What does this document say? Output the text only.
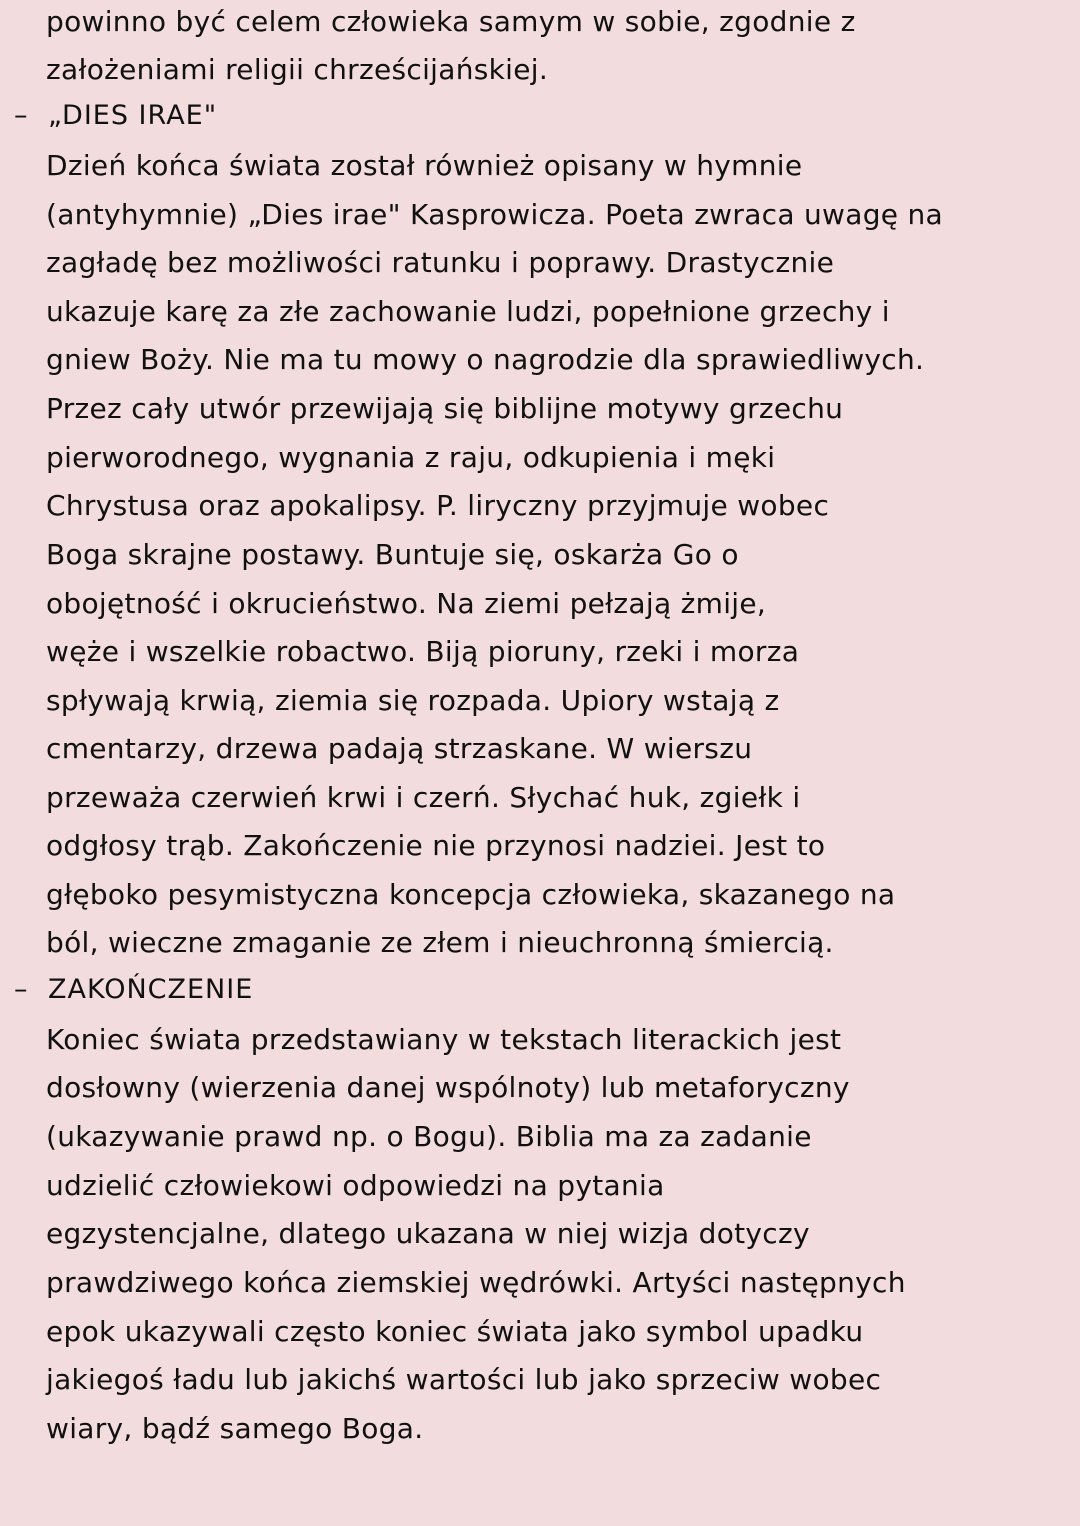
powinno być celem człowieka samym w sobie, zgodnie z
założeniami religii chrześcijańskiej.
– „DIES IRAE"
Dzień końca świata został również opisany w hymnie
(antyhymnie) „Dies irae" Kasprowicza. Poeta zwraca uwagę na
zagładę bez możliwości ratunku i poprawy. Drastycznie
ukazuje karę za złe zachowanie ludzi, popełnione grzechy i
gniew Boży. Nie ma tu mowy o nagrodzie dla sprawiedliwych.
Przez cały utwór przewijają się biblijne motywy grzechu
pierworodnego, wygnania z raju, odkupienia i męki
Chrystusa oraz apokalipsy. P. liryczny przyjmuje wobec
Boga skrajne postawy. Buntuje się, oskarża Go o
obojętność i okrucieństwo. Na ziemi pełzają żmije,
węże i wszelkie robactwo. Biją pioruny, rzeki i morza
spływają krwią, ziemia się rozpada. Upiory wstają z
cmentarzy, drzewa padają strzaskane. W wierszu
przeważa czerwień krwi i czerń. Słychać huk, zgiełk i
odgłosy trąb. Zakończenie nie przynosi nadziei. Jest to
głęboko pesymistyczna koncepcja człowieka, skazanego na
ból, wieczne zmaganie ze złem i nieuchronną śmiercią.
– ZAKOŃCZENIE
Koniec świata przedstawiany w tekstach literackich jest
dosłowny (wierzenia danej wspólnoty) lub metaforyczny
(ukazywanie prawd np. o Bogu). Biblia ma za zadanie
udzielić człowiekowi odpowiedzi na pytania
egzystencjalne, dlatego ukazana w niej wizja dotyczy
prawdziwego końca ziemskiej wędrówki. Artyści następnych
epok ukazywali często koniec świata jako symbol upadku
jakiegoś ładu lub jakichś wartości lub jako sprzeciw wobec
wiary, bądź samego Boga.
